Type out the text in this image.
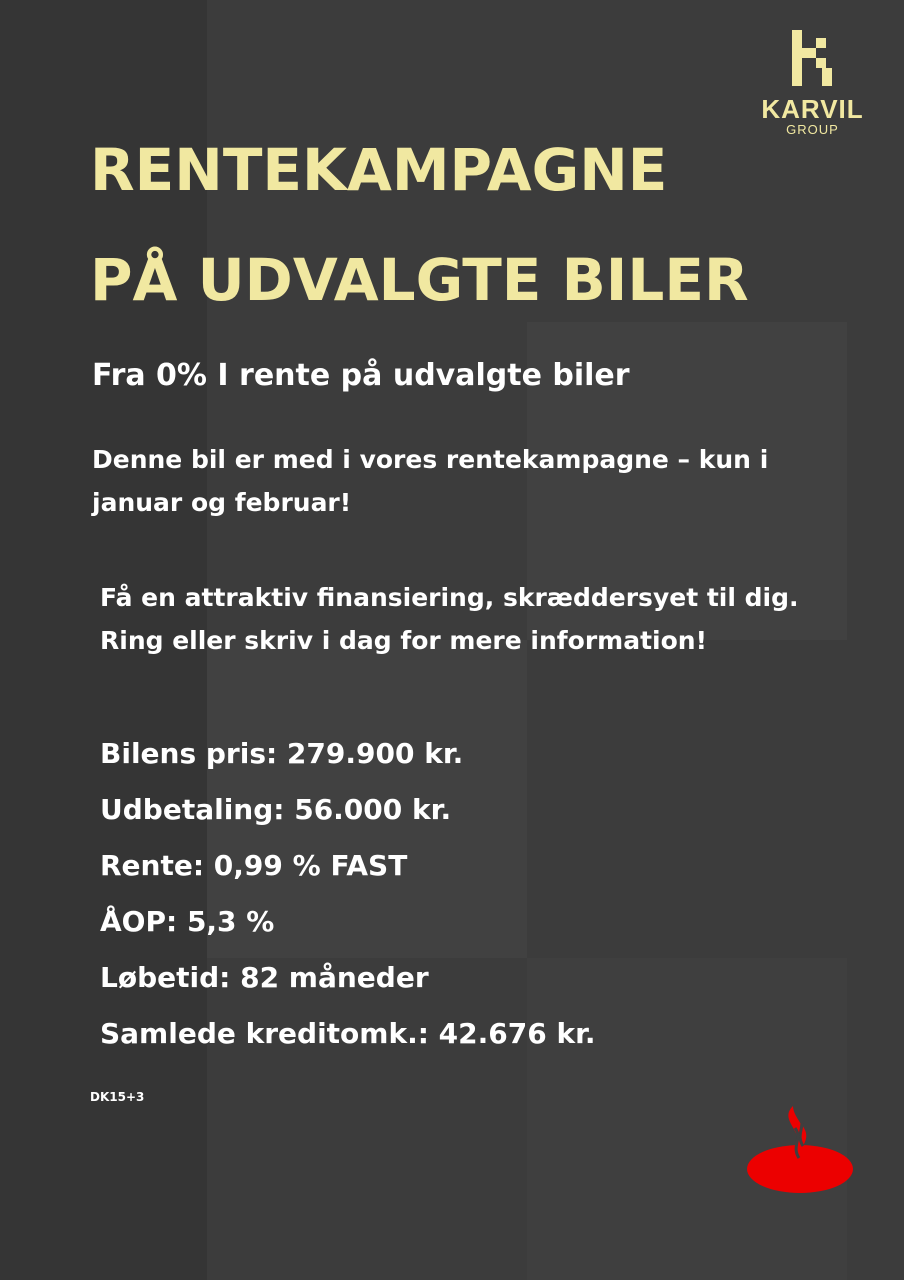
KARVIL
GROUP
RENTEKAMPAGNE
PÅ UDVALGTE BILER
Fra 0% I rente på udvalgte biler
Denne bil er med i vores rentekampagne – kun i
januar og februar!
Få en attraktiv finansiering, skræddersyet til dig.
Ring eller skriv i dag for mere information!
Bilens pris: 279.900 kr.
Udbetaling: 56.000 kr.
Rente: 0,99 % FAST
ÅOP: 5,3 %
Løbetid: 82 måneder
Samlede kreditomk.: 42.676 kr.
DK15+3
